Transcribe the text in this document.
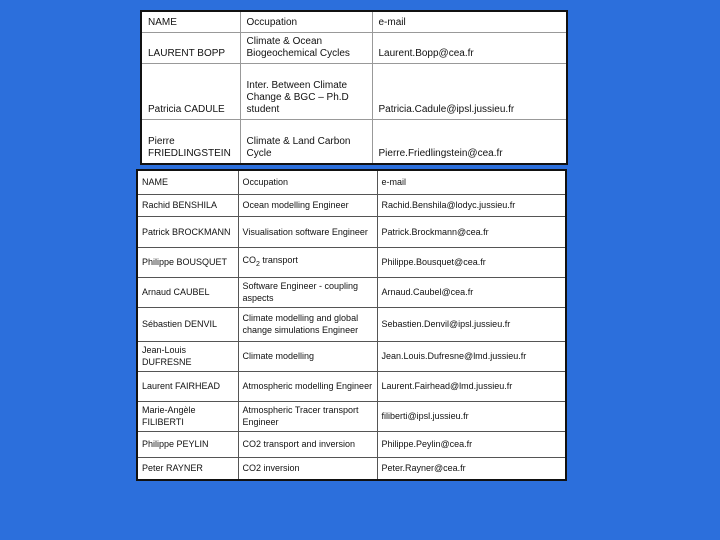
NAME	Occupation	e-mail
LAURENT BOPP	Climate & Ocean Biogeochemical Cycles	Laurent.Bopp@cea.fr
Patricia CADULE	Inter. Between Climate Change & BGC – Ph.D student	Patricia.Cadule@ipsl.jussieu.fr
Pierre FRIEDLINGSTEIN	Climate & Land Carbon Cycle	Pierre.Friedlingstein@cea.fr
NAME	Occupation	e-mail
Rachid BENSHILA	Ocean modelling Engineer	Rachid.Benshila@lodyc.jussieu.fr
Patrick BROCKMANN	Visualisation software Engineer	Patrick.Brockmann@cea.fr
Philippe BOUSQUET	$CO_2$ transport	Philippe.Bousquet@cea.fr
Arnaud CAUBEL	Software Engineer - coupling aspects	Arnaud.Caubel@cea.fr
Sébastien DENVIL	Climate modelling and global change simulations Engineer	Sebastien.Denvil@ipsl.jussieu.fr
Jean-Louis DUFRESNE	Climate modelling	Jean.Louis.Dufresne@lmd.jussieu.fr
Laurent FAIRHEAD	Atmospheric modelling Engineer	Laurent.Fairhead@lmd.jussieu.fr
Marie-Angèle FILIBERTI	Atmospheric Tracer transport Engineer	filiberti@ipsl.jussieu.fr
Philippe PEYLIN	CO2 transport and inversion	Philippe.Peylin@cea.fr
Peter RAYNER	CO2 inversion	Peter.Rayner@cea.fr
